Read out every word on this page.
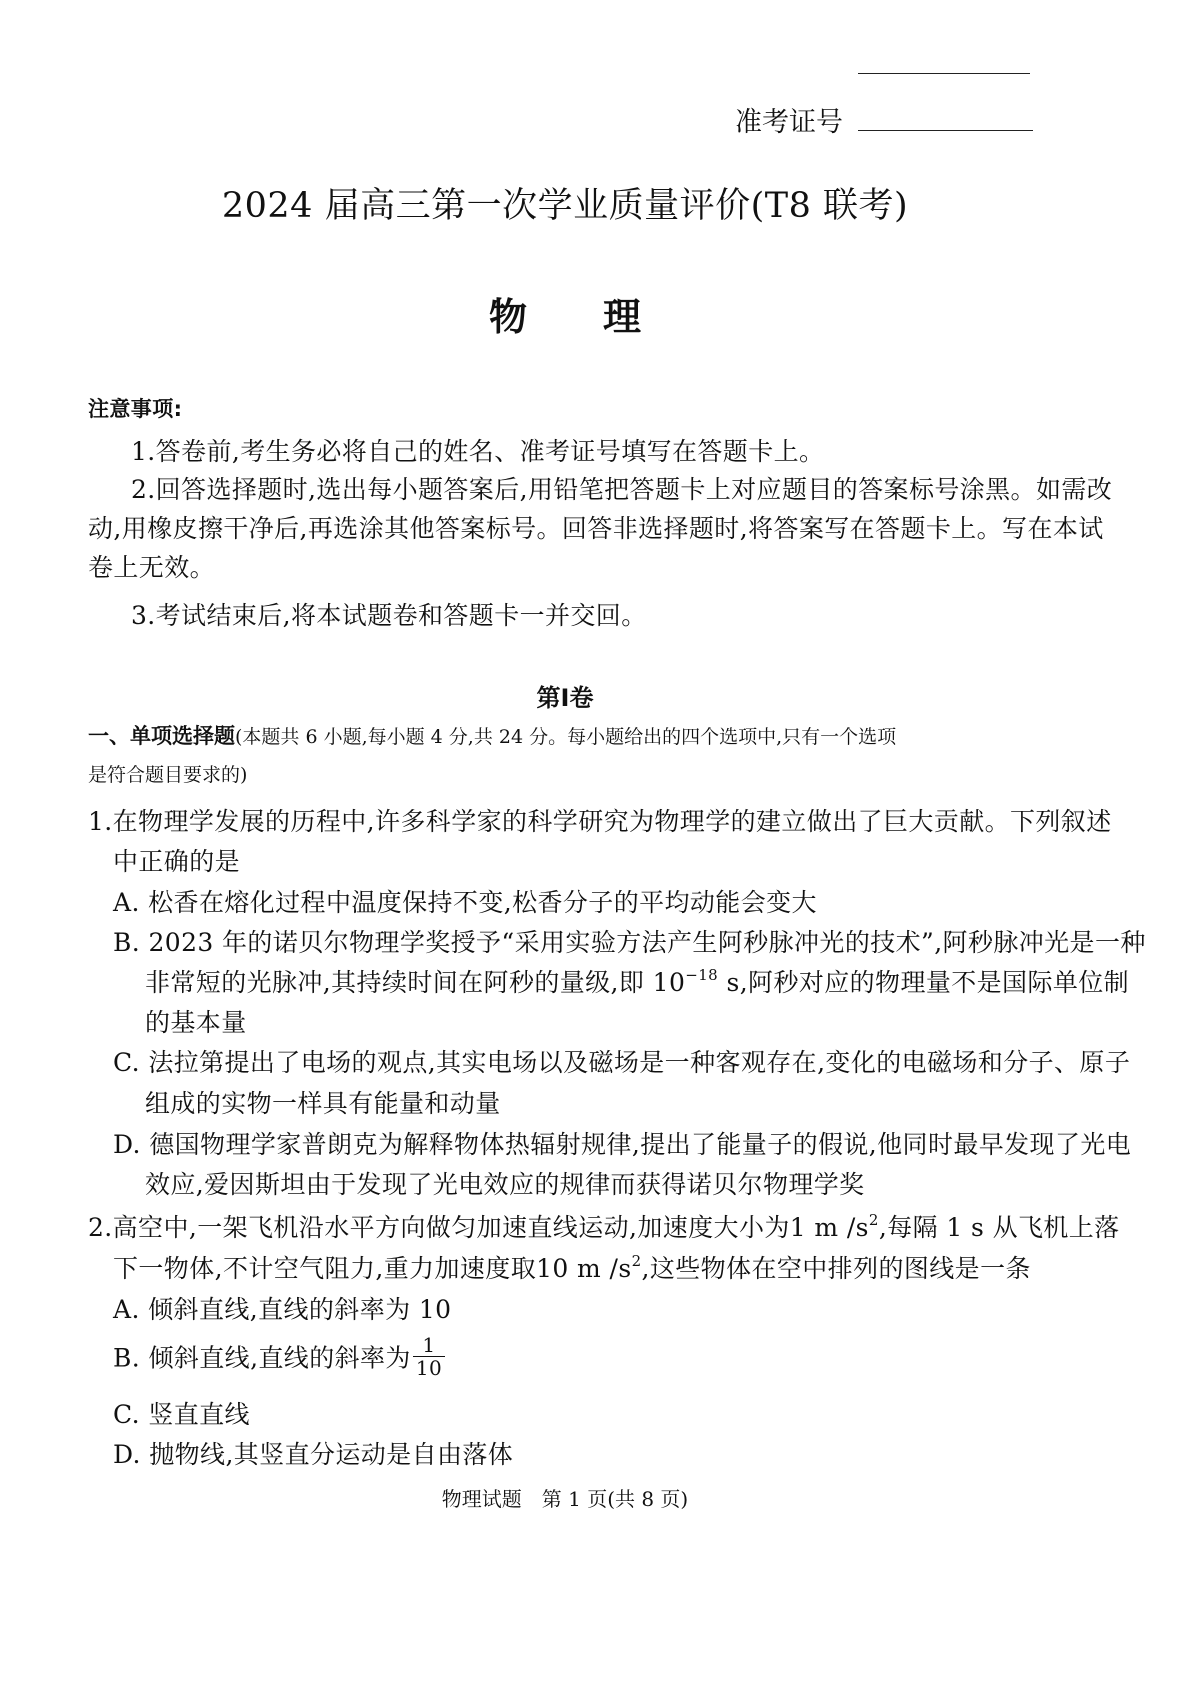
准考证号
2024 届高三第一次学业质量评价(T8 联考)
物　　理
注意事项:
1.答卷前,考生务必将自己的姓名、准考证号填写在答题卡上。
2.回答选择题时,选出每小题答案后,用铅笔把答题卡上对应题目的答案标号涂黑。如需改
动,用橡皮擦干净后,再选涂其他答案标号。回答非选择题时,将答案写在答题卡上。写在本试
卷上无效。
3.考试结束后,将本试题卷和答题卡一并交回。
第Ⅰ卷
一、单项选择题(本题共 6 小题,每小题 4 分,共 24 分。每小题给出的四个选项中,只有一个选项
是符合题目要求的)
1.在物理学发展的历程中,许多科学家的科学研究为物理学的建立做出了巨大贡献。下列叙述
中正确的是
A. 松香在熔化过程中温度保持不变,松香分子的平均动能会变大
B. 2023 年的诺贝尔物理学奖授予“采用实验方法产生阿秒脉冲光的技术”,阿秒脉冲光是一种
非常短的光脉冲,其持续时间在阿秒的量级,即 $10^{-18}$ s,阿秒对应的物理量不是国际单位制
的基本量
C. 法拉第提出了电场的观点,其实电场以及磁场是一种客观存在,变化的电磁场和分子、原子
组成的实物一样具有能量和动量
D. 德国物理学家普朗克为解释物体热辐射规律,提出了能量子的假说,他同时最早发现了光电
效应,爱因斯坦由于发现了光电效应的规律而获得诺贝尔物理学奖
2.高空中,一架飞机沿水平方向做匀加速直线运动,加速度大小为1 m $/s^2$,每隔 1 s 从飞机上落
下一物体,不计空气阻力,重力加速度取10 m $/s^2$,这些物体在空中排列的图线是一条
A. 倾斜直线,直线的斜率为 10
B. 倾斜直线,直线的斜率为 $\frac{1}{10}$
C. 竖直直线
D. 抛物线,其竖直分运动是自由落体
物理试题　第 1 页(共 8 页)
